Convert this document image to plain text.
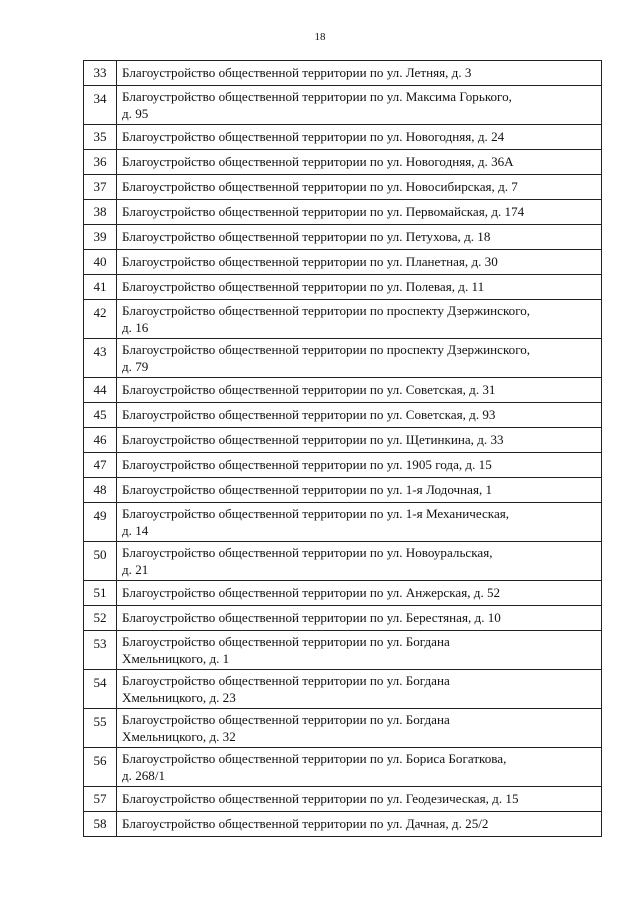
18
33	Благоустройство общественной территории по ул. Летняя, д. 3

34	Благоустройство общественной территории по ул. Максима Горького,
д. 95

35	Благоустройство общественной территории по ул. Новогодняя, д. 24

36	Благоустройство общественной территории по ул. Новогодняя, д. 36А

37	Благоустройство общественной территории по ул. Новосибирская, д. 7

38	Благоустройство общественной территории по ул. Первомайская, д. 174

39	Благоустройство общественной территории по ул. Петухова, д. 18

40	Благоустройство общественной территории по ул. Планетная, д. 30

41	Благоустройство общественной территории по ул. Полевая, д. 11

42	Благоустройство общественной территории по проспекту Дзержинского,
д. 16

43	Благоустройство общественной территории по проспекту Дзержинского,
д. 79

44	Благоустройство общественной территории по ул. Советская, д. 31

45	Благоустройство общественной территории по ул. Советская, д. 93

46	Благоустройство общественной территории по ул. Щетинкина, д. 33

47	Благоустройство общественной территории по ул. 1905 года, д. 15

48	Благоустройство общественной территории по ул. 1-я Лодочная, 1

49	Благоустройство общественной территории по ул. 1-я Механическая,
д. 14

50	Благоустройство общественной территории по ул. Новоуральская,
д. 21

51	Благоустройство общественной территории по ул. Анжерская, д. 52

52	Благоустройство общественной территории по ул. Берестяная, д. 10

53	Благоустройство общественной территории по ул. Богдана
Хмельницкого, д. 1

54	Благоустройство общественной территории по ул. Богдана
Хмельницкого, д. 23

55	Благоустройство общественной территории по ул. Богдана
Хмельницкого, д. 32

56	Благоустройство общественной территории по ул. Бориса Богаткова,
д. 268/1

57	Благоустройство общественной территории по ул. Геодезическая, д. 15

58	Благоустройство общественной территории по ул. Дачная, д. 25/2
